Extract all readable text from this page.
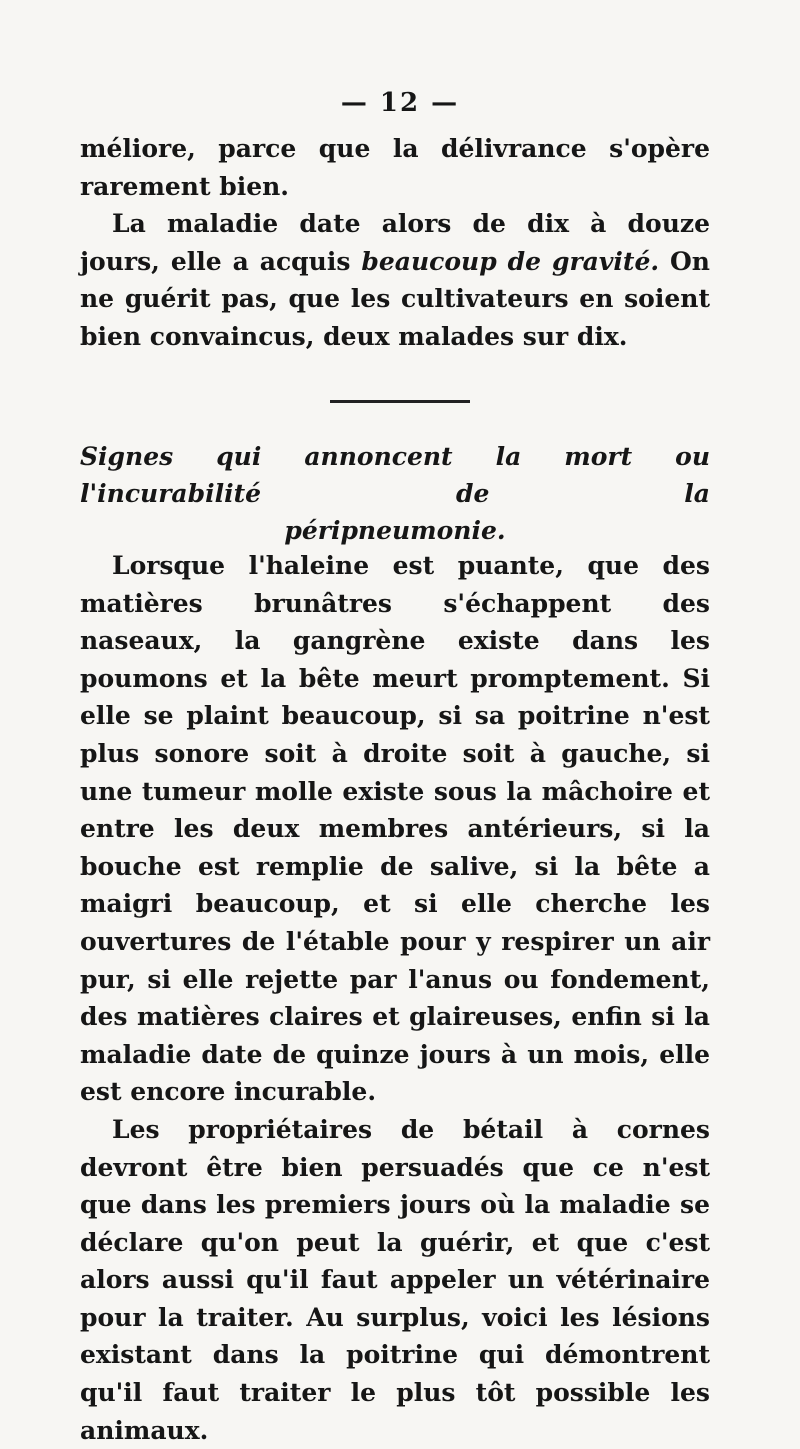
— 12 —

méliore, parce que la délivrance s'opère rarement bien.

La maladie date alors de dix à douze jours, elle a acquis beaucoup de gravité. On ne guérit pas, que les cultivateurs en soient bien convaincus, deux malades sur dix.

Signes qui annoncent la mort ou l'incurabilité de la
péripneumonie.

Lorsque l'haleine est puante, que des matières brunâtres s'échappent des naseaux, la gangrène existe dans les poumons et la bête meurt promptement. Si elle se plaint beaucoup, si sa poitrine n'est plus sonore soit à droite soit à gauche, si une tumeur molle existe sous la mâchoire et entre les deux membres antérieurs, si la bouche est remplie de salive, si la bête a maigri beaucoup, et si elle cherche les ouvertures de l'étable pour y respirer un air pur, si elle rejette par l'anus ou fondement, des matières claires et glaireuses, enfin si la maladie date de quinze jours à un mois, elle est encore incurable.

Les propriétaires de bétail à cornes devront être bien persuadés que ce n'est que dans les premiers jours où la maladie se déclare qu'on peut la guérir, et que c'est alors aussi qu'il faut appeler un vétérinaire pour la traiter. Au surplus, voici les lésions existant dans la poitrine qui démontrent qu'il faut traiter le plus tôt possible les animaux.
